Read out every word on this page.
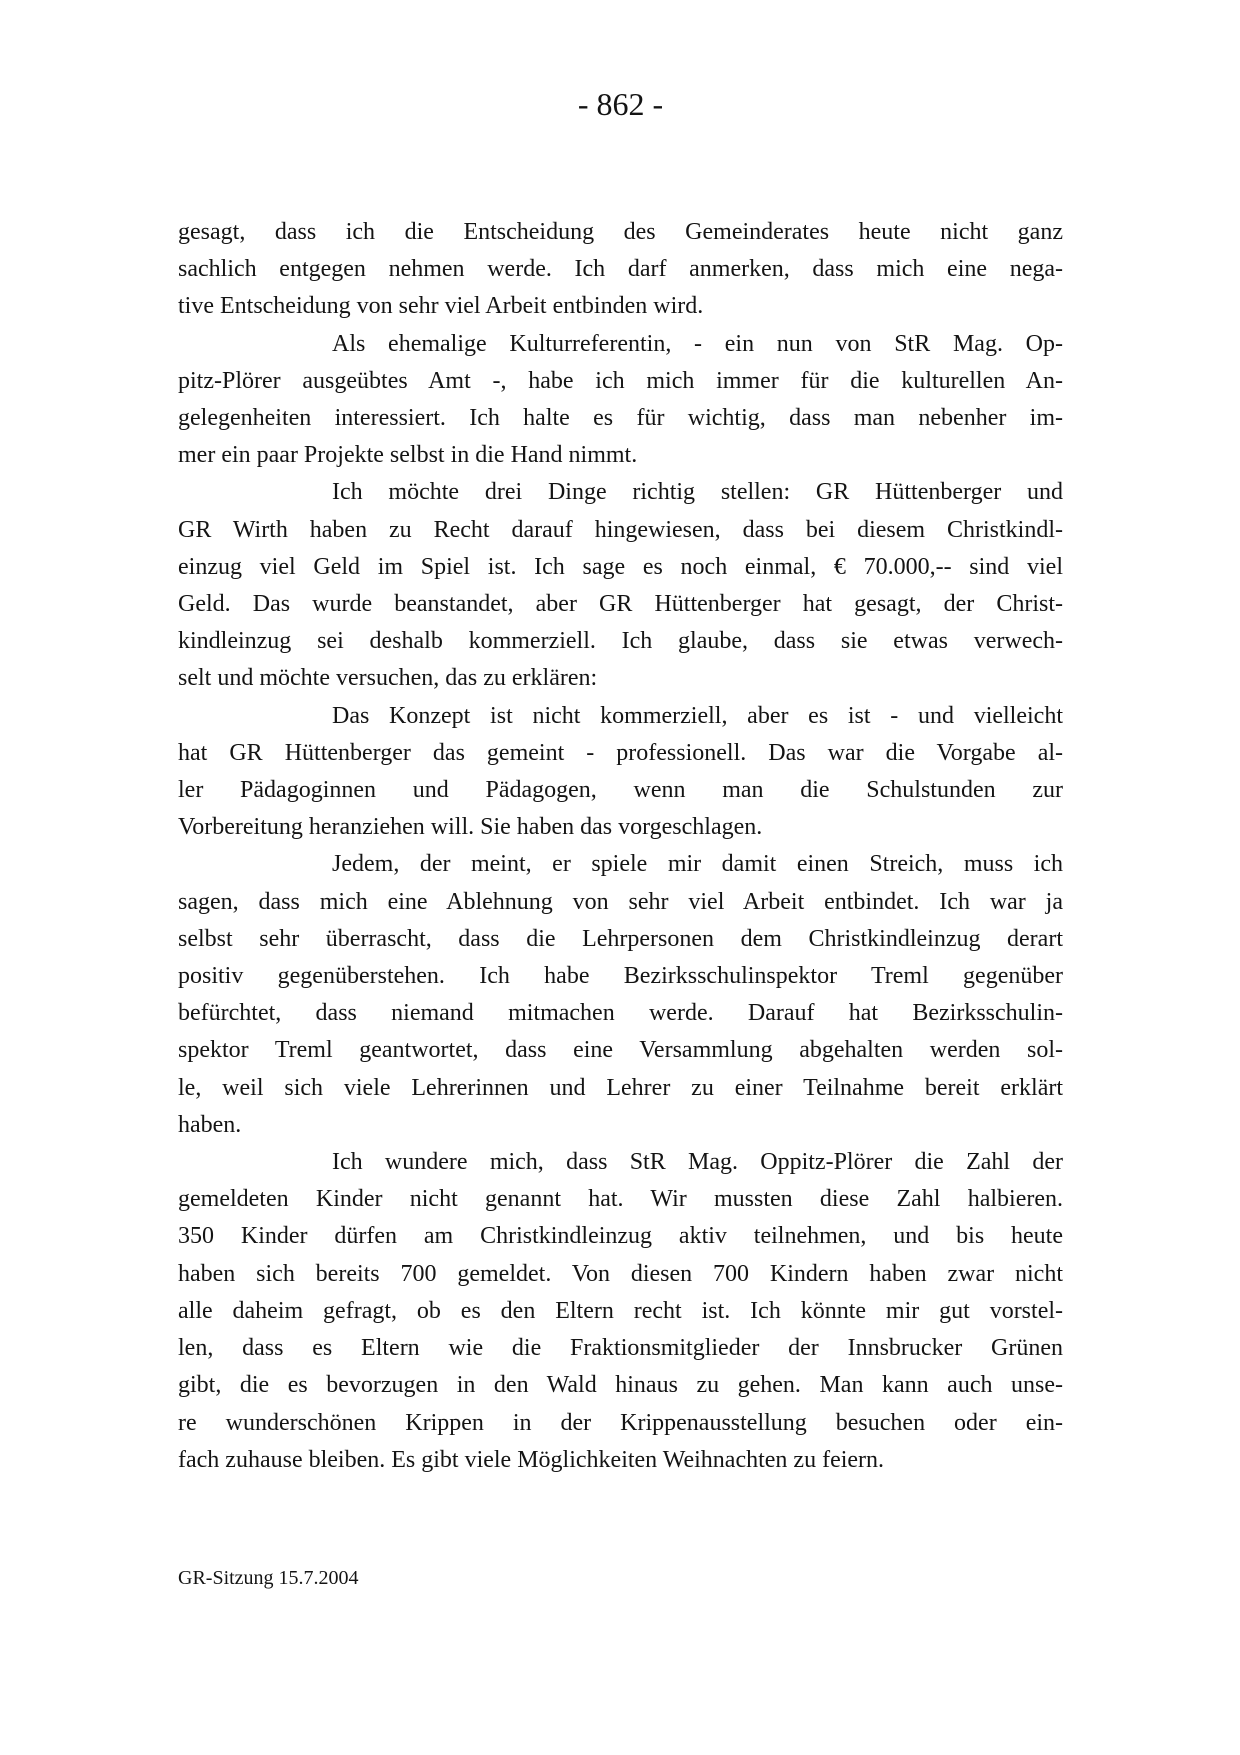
- 862 -
gesagt, dass ich die Entscheidung des Gemeinderates heute nicht ganz
sachlich entgegen nehmen werde. Ich darf anmerken, dass mich eine nega-
tive Entscheidung von sehr viel Arbeit entbinden wird.
Als ehemalige Kulturreferentin, - ein nun von StR Mag. Op-
pitz-Plörer ausgeübtes Amt -, habe ich mich immer für die kulturellen An-
gelegenheiten interessiert. Ich halte es für wichtig, dass man nebenher im-
mer ein paar Projekte selbst in die Hand nimmt.
Ich möchte drei Dinge richtig stellen: GR Hüttenberger und
GR Wirth haben zu Recht darauf hingewiesen, dass bei diesem Christkindl-
einzug viel Geld im Spiel ist. Ich sage es noch einmal, € 70.000,-- sind viel
Geld. Das wurde beanstandet, aber GR Hüttenberger hat gesagt, der Christ-
kindleinzug sei deshalb kommerziell. Ich glaube, dass sie etwas verwech-
selt und möchte versuchen, das zu erklären:
Das Konzept ist nicht kommerziell, aber es ist - und vielleicht
hat GR Hüttenberger das gemeint - professionell. Das war die Vorgabe al-
ler Pädagoginnen und Pädagogen, wenn man die Schulstunden zur
Vorbereitung heranziehen will. Sie haben das vorgeschlagen.
Jedem, der meint, er spiele mir damit einen Streich, muss ich
sagen, dass mich eine Ablehnung von sehr viel Arbeit entbindet. Ich war ja
selbst sehr überrascht, dass die Lehrpersonen dem Christkindleinzug derart
positiv gegenüberstehen. Ich habe Bezirksschulinspektor Treml gegenüber
befürchtet, dass niemand mitmachen werde. Darauf hat Bezirksschulin-
spektor Treml geantwortet, dass eine Versammlung abgehalten werden sol-
le, weil sich viele Lehrerinnen und Lehrer zu einer Teilnahme bereit erklärt
haben.
Ich wundere mich, dass StR Mag. Oppitz-Plörer die Zahl der
gemeldeten Kinder nicht genannt hat. Wir mussten diese Zahl halbieren.
350 Kinder dürfen am Christkindleinzug aktiv teilnehmen, und bis heute
haben sich bereits 700 gemeldet. Von diesen 700 Kindern haben zwar nicht
alle daheim gefragt, ob es den Eltern recht ist. Ich könnte mir gut vorstel-
len, dass es Eltern wie die Fraktionsmitglieder der Innsbrucker Grünen
gibt, die es bevorzugen in den Wald hinaus zu gehen. Man kann auch unse-
re wunderschönen Krippen in der Krippenausstellung besuchen oder ein-
fach zuhause bleiben. Es gibt viele Möglichkeiten Weihnachten zu feiern.
GR-Sitzung 15.7.2004
